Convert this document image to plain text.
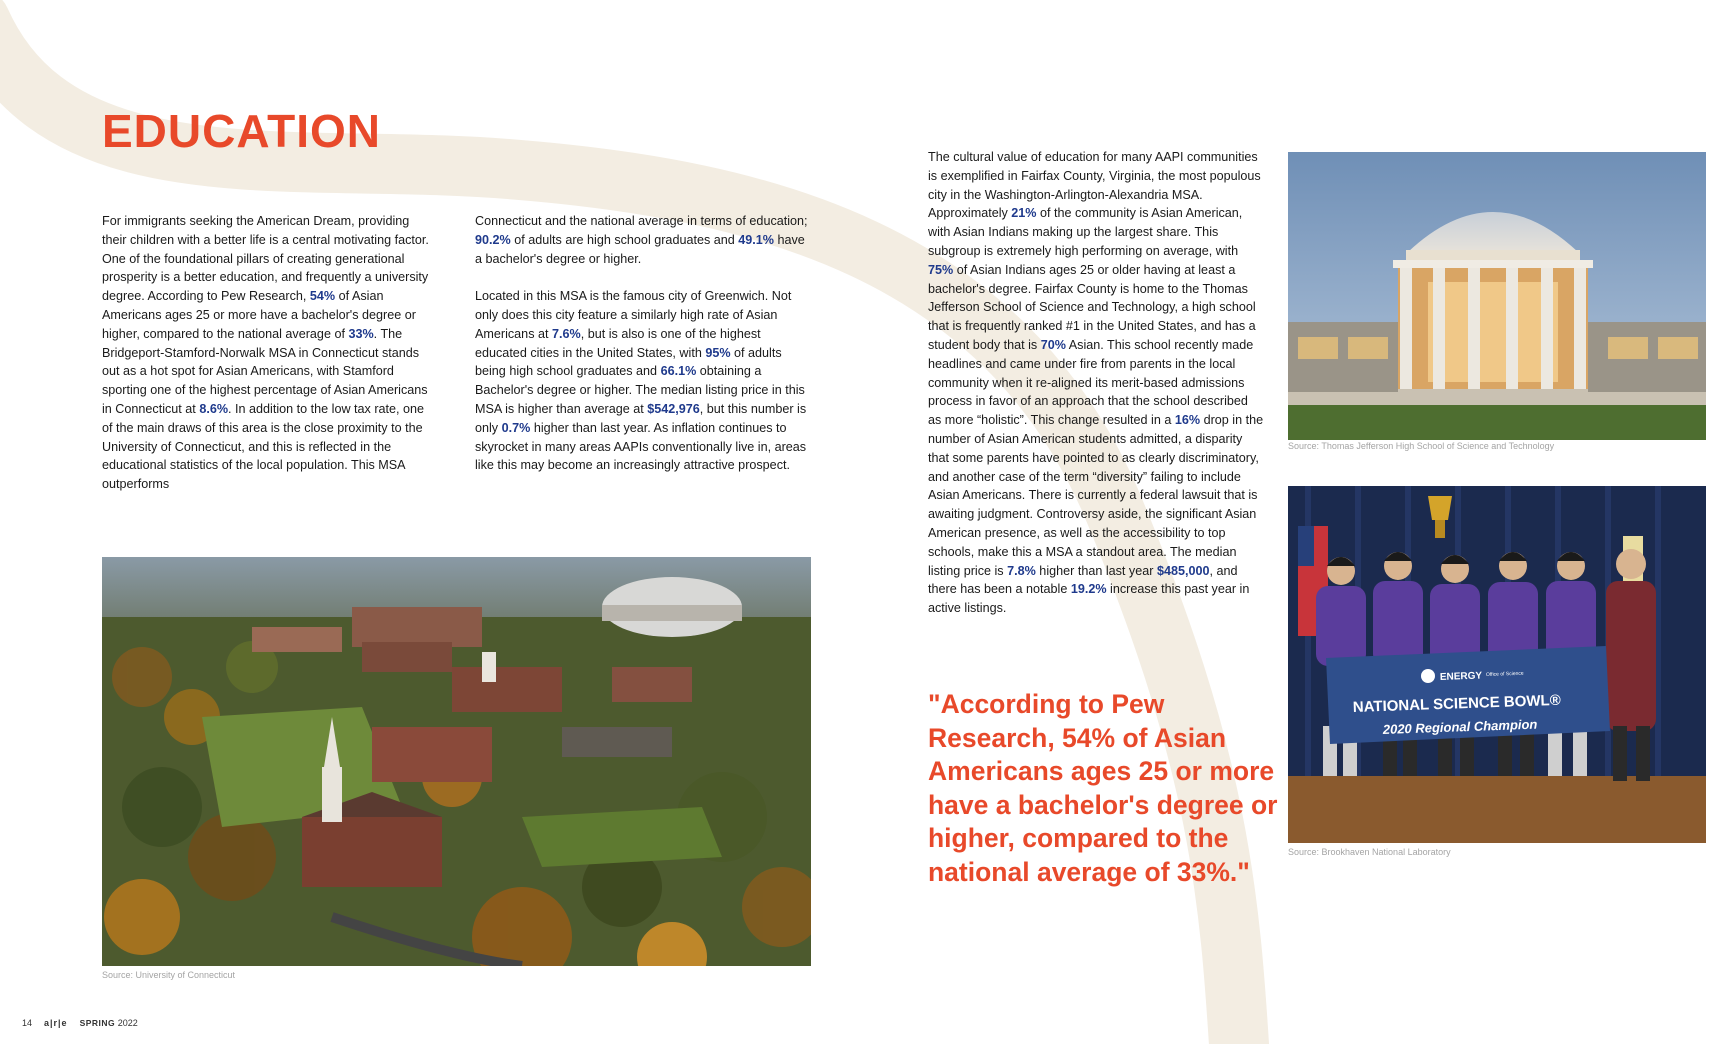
EDUCATION

For immigrants seeking the American Dream, providing their children with a better life is a central motivating factor. One of the foundational pillars of creating generational prosperity is a better education, and frequently a university degree. According to Pew Research, 54% of Asian Americans ages 25 or more have a bachelor's degree or higher, compared to the national average of 33%. The Bridgeport-Stamford-Norwalk MSA in Connecticut stands out as a hot spot for Asian Americans, with Stamford sporting one of the highest percentage of Asian Americans in Connecticut at 8.6%. In addition to the low tax rate, one of the main draws of this area is the close proximity to the University of Connecticut, and this is reflected in the educational statistics of the local population. This MSA outperforms

Connecticut and the national average in terms of education; 90.2% of adults are high school graduates and 49.1% have a bachelor's degree or higher.

Located in this MSA is the famous city of Greenwich. Not only does this city feature a similarly high rate of Asian Americans at 7.6%, but is also is one of the highest educated cities in the United States, with 95% of adults being high school graduates and 66.1% obtaining a Bachelor's degree or higher. The median listing price in this MSA is higher than average at $542,976, but this number is only 0.7% higher than last year. As inflation continues to skyrocket in many areas AAPIs conventionally live in, areas like this may become an increasingly attractive prospect.

The cultural value of education for many AAPI communities is exemplified in Fairfax County, Virginia, the most populous city in the Washington-Arlington-Alexandria MSA. Approximately 21% of the community is Asian American, with Asian Indians making up the largest share. This subgroup is extremely high performing on average, with 75% of Asian Indians ages 25 or older having at least a bachelor's degree. Fairfax County is home to the Thomas Jefferson School of Science and Technology, a high school that is frequently ranked #1 in the United States, and has a student body that is 70% Asian. This school recently made headlines and came under fire from parents in the local community when it re-aligned its merit-based admissions process in favor of an approach that the school described as more “holistic”. This change resulted in a 16% drop in the number of Asian American students admitted, a disparity that some parents have pointed to as clearly discriminatory, and another case of the term “diversity” failing to include Asian Americans. There is currently a federal lawsuit that is awaiting judgment. Controversy aside, the significant Asian American presence, as well as the accessibility to top schools, make this a MSA a standout area. The median listing price is 7.8% higher than last year $485,000, and there has been a notable 19.2% increase this past year in active listings.

Source: University of Connecticut
Source: Thomas Jefferson High School of Science and Technology
ENERGY Office of Science
NATIONAL SCIENCE BOWL®
2020 Regional Champion
Source: Brookhaven National Laboratory

"According to Pew Research, 54% of Asian Americans ages 25 or more have a bachelor's degree or higher, compared to the national average of 33%."

14 a|r|e SPRING 2022
